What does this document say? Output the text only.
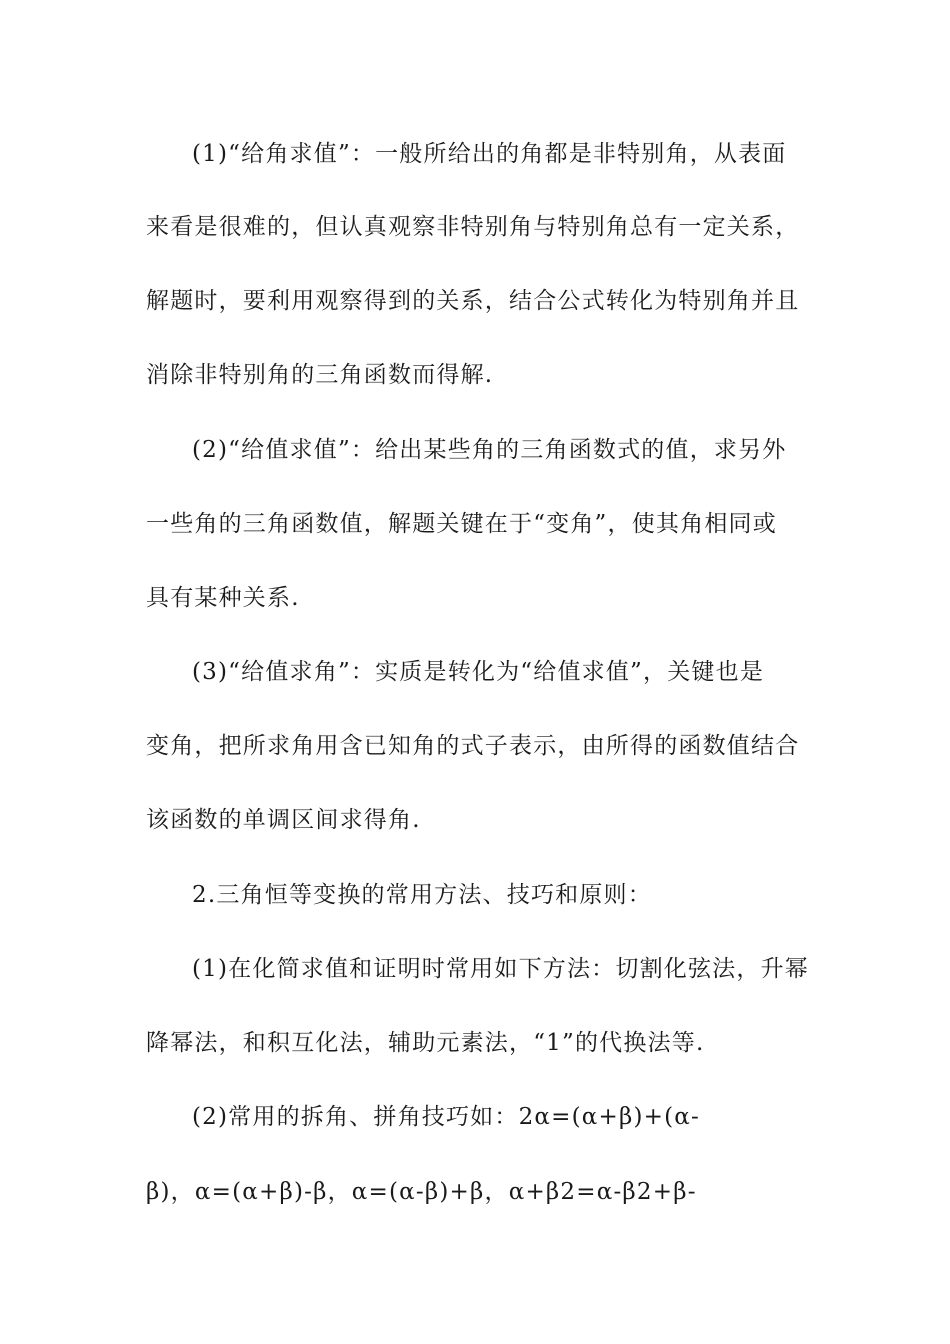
(1)“给角求值”：一般所给出的角都是非特别角，从表面
来看是很难的，但认真观察非特别角与特别角总有一定关系，
解题时，要利用观察得到的关系，结合公式转化为特别角并且
消除非特别角的三角函数而得解.
(2)“给值求值”：给出某些角的三角函数式的值，求另外
一些角的三角函数值，解题关键在于“变角”，使其角相同或
具有某种关系.
(3)“给值求角”：实质是转化为“给值求值”，关键也是
变角，把所求角用含已知角的式子表示，由所得的函数值结合
该函数的单调区间求得角.
2.三角恒等变换的常用方法、技巧和原则：
(1)在化简求值和证明时常用如下方法：切割化弦法，升幂
降幂法，和积互化法，辅助元素法，“1”的代换法等.
(2)常用的拆角、拼角技巧如：2α=(α+β)+(α-
β)，α=(α+β)-β，α=(α-β)+β，α+β2=α-β2+β-
